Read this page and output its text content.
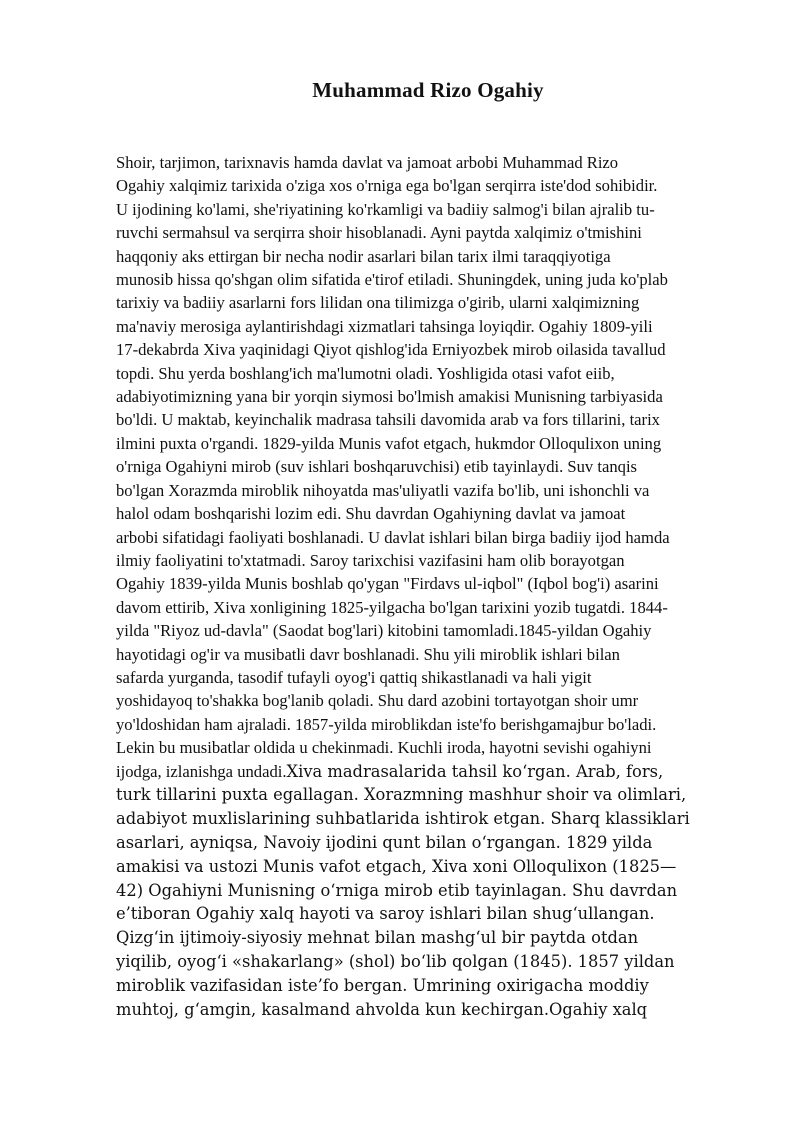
Muhammad Rizo Ogahiy
Shoir, tarjimon, tarixnavis hamda davlat va jamoat arbobi Muhammad Rizo
Ogahiy xalqimiz tarixida o'ziga xos o'rniga ega bo'lgan serqirra iste'dod sohibidir.
U ijodining ko'lami, she'riyatining ko'rkamligi va badiiy salmog'i bilan ajralib tu-
ruvchi sermahsul va serqirra shoir hisoblanadi. Ayni paytda xalqimiz o'tmishini
haqqoniy aks ettirgan bir necha nodir asarlari bilan tarix ilmi taraqqiyotiga
munosib hissa qo'shgan olim sifatida e'tirof etiladi. Shuningdek, uning juda ko'plab
tarixiy va badiiy asarlarni fors lilidan ona tilimizga o'girib, ularni xalqimizning
ma'naviy merosiga aylantirishdagi xizmatlari tahsinga loyiqdir. Ogahiy 1809-yili
17-dekabrda Xiva yaqinidagi Qiyot qishlog'ida Erniyozbek mirob oilasida tavallud
topdi. Shu yerda boshlang'ich ma'lumotni oladi. Yoshligida otasi vafot eiib,
adabiyotimizning yana bir yorqin siymosi bo'lmish amakisi Munisning tarbiyasida
bo'ldi. U maktab, keyinchalik madrasa tahsili davomida arab va fors tillarini, tarix
ilmini puxta o'rgandi. 1829-yilda Munis vafot etgach, hukmdor Olloqulixon uning
o'rniga Ogahiyni mirob (suv ishlari boshqaruvchisi) etib tayinlaydi. Suv tanqis
bo'lgan Xorazmda miroblik nihoyatda mas'uliyatli vazifa bo'lib, uni ishonchli va
halol odam boshqarishi lozim edi. Shu davrdan Ogahiyning davlat va jamoat
arbobi sifatidagi faoliyati boshlanadi. U davlat ishlari bilan birga badiiy ijod hamda
ilmiy faoliyatini to'xtatmadi. Saroy tarixchisi vazifasini ham olib borayotgan
Ogahiy 1839-yilda Munis boshlab qo'ygan "Firdavs ul-iqbol" (Iqbol bog'i) asarini
davom ettirib, Xiva xonligining 1825-yilgacha bo'lgan tarixini yozib tugatdi. 1844-
yilda "Riyoz ud-davla" (Saodat bog'lari) kitobini tamomladi.1845-yildan Ogahiy
hayotidagi og'ir va musibatli davr boshlanadi. Shu yili miroblik ishlari bilan
safarda yurganda, tasodif tufayli oyog'i qattiq shikastlanadi va hali yigit
yoshidayoq to'shakka bog'lanib qoladi. Shu dard azobini tortayotgan shoir umr
yo'ldoshidan ham ajraladi. 1857-yilda miroblikdan iste'fo berishgamajbur bo'ladi.
Lekin bu musibatlar oldida u chekinmadi. Kuchli iroda, hayotni sevishi ogahiyni
ijodga, izlanishga undadi.Xiva madrasalarida tahsil ko‘rgan. Arab, fors,
turk tillarini puxta egallagan. Xorazmning mashhur shoir va olimlari,
adabiyot muxlislarining suhbatlarida ishtirok etgan. Sharq klassiklari
asarlari, ayniqsa, Navoiy ijodini qunt bilan o‘rgangan. 1829 yilda
amakisi va ustozi Munis vafot etgach, Xiva xoni Olloqulixon (1825—
42) Ogahiyni Munisning o‘rniga mirob etib tayinlagan. Shu davrdan
e’tiboran Ogahiy xalq hayoti va saroy ishlari bilan shug‘ullangan.
Qizg‘in ijtimoiy-siyosiy mehnat bilan mashg‘ul bir paytda otdan
yiqilib, oyog‘i «shakarlang» (shol) bo‘lib qolgan (1845). 1857 yildan
miroblik vazifasidan iste’fo bergan. Umrining oxirigacha moddiy
muhtoj, g‘amgin, kasalmand ahvolda kun kechirgan.Ogahiy xalq
